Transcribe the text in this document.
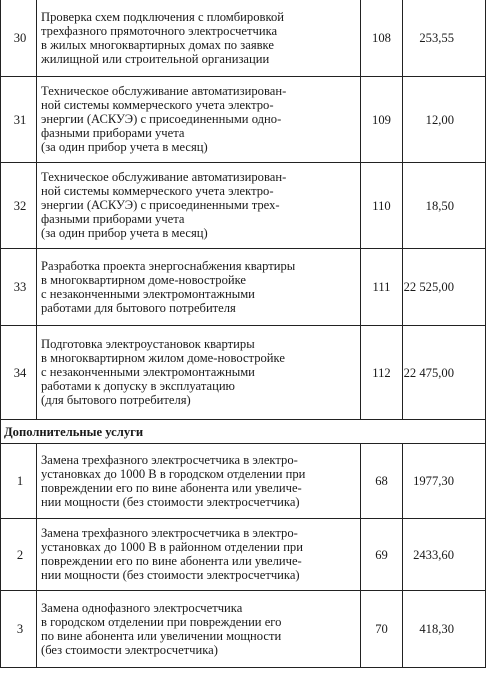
30	Проверка схем подключения с пломбировкой
трехфазного прямоточного электросчетчика
в жилых многоквартирных домах по заявке
жилищной или строительной организации	108	253,55
31	Техническое обслуживание автоматизирован-
ной системы коммерческого учета электро-
энергии (АСКУЭ) с присоединенными одно-
фазными приборами учета
(за один прибор учета в месяц)	109	12,00
32	Техническое обслуживание автоматизирован-
ной системы коммерческого учета электро-
энергии (АСКУЭ) с присоединенными трех-
фазными приборами учета
(за один прибор учета в месяц)	110	18,50
33	Разработка проекта энергоснабжения квартиры
в многоквартирном доме-новостройке
с незаконченными электромонтажными
работами для бытового потребителя	111	22 525,00
34	Подготовка электроустановок квартиры
в многоквартирном жилом доме-новостройке
с незаконченными электромонтажными
работами к допуску в эксплуатацию
(для бытового потребителя)	112	22 475,00
Дополнительные услуги			
1	Замена трехфазного электросчетчика в электро-
установках до 1000 В в городском отделении при
повреждении его по вине абонента или увеличе-
нии мощности (без стоимости электросчетчика)	68	1977,30
2	Замена трехфазного электросчетчика в электро-
установках до 1000 В в районном отделении при
повреждении его по вине абонента или увеличе-
нии мощности (без стоимости электросчетчика)	69	2433,60
3	Замена однофазного электросчетчика
в городском отделении при повреждении его
по вине абонента или увеличении мощности
(без стоимости электросчетчика)	70	418,30
